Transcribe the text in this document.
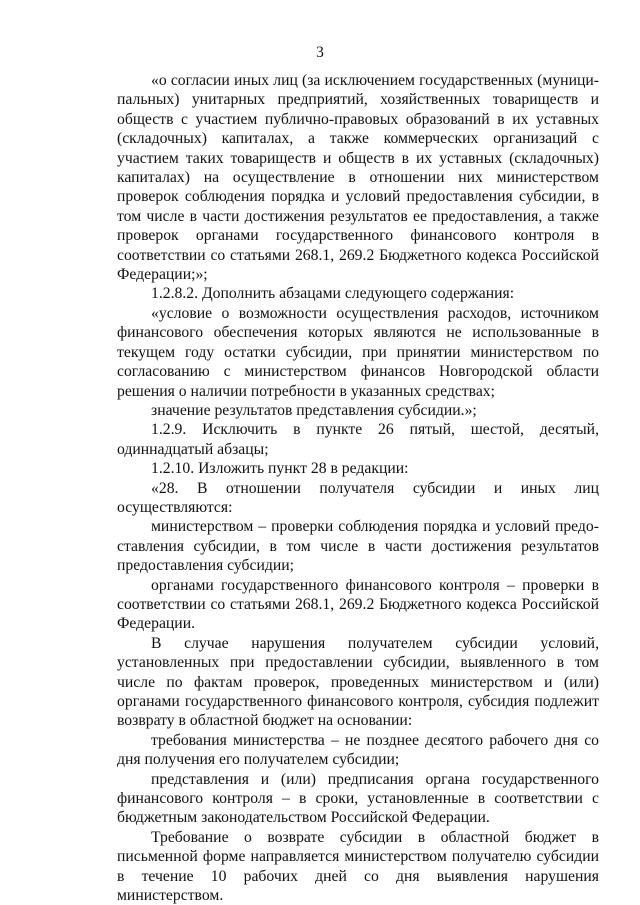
3

«о согласии иных лиц (за исключением государственных (муниципальных) унитарных предприятий, хозяйственных товариществ и обществ с участием публично-правовых образований в их уставных (складочных) капиталах, а также коммерческих организаций с участием таких товариществ и обществ в их уставных (складочных) капиталах) на осуществление в отношении них министерством проверок соблюдения порядка и условий предоставления субсидии, в том числе в части достижения результатов ее предоставления, а также проверок органами государственного финансового контроля в соответствии со статьями 268.1, 269.2 Бюджетного кодекса Российской Федерации;»;

1.2.8.2. Дополнить абзацами следующего содержания:

«условие о возможности осуществления расходов, источником финансового обеспечения которых являются не использованные в текущем году остатки субсидии, при принятии министерством по согласованию с министерством финансов Новгородской области решения о наличии потребности в указанных средствах;

значение результатов представления субсидии.»;

1.2.9. Исключить в пункте 26 пятый, шестой, десятый, одиннадцатый абзацы;

1.2.10. Изложить пункт 28 в редакции:

«28. В отношении получателя субсидии и иных лиц осуществляются:

министерством – проверки соблюдения порядка и условий предоставления субсидии, в том числе в части достижения результатов предоставления субсидии;

органами государственного финансового контроля – проверки в соответствии со статьями 268.1, 269.2 Бюджетного кодекса Российской Федерации.

В случае нарушения получателем субсидии условий, установленных при предоставлении субсидии, выявленного в том числе по фактам проверок, проведенных министерством и (или) органами государственного финансового контроля, субсидия подлежит возврату в областной бюджет на основании:

требования министерства – не позднее десятого рабочего дня со дня получения его получателем субсидии;

представления и (или) предписания органа государственного финансового контроля – в сроки, установленные в соответствии с бюджетным законодательством Российской Федерации.

Требование о возврате субсидии в областной бюджет в письменной форме направляется министерством получателю субсидии в течение 10 рабочих дней со дня выявления нарушения министерством.
